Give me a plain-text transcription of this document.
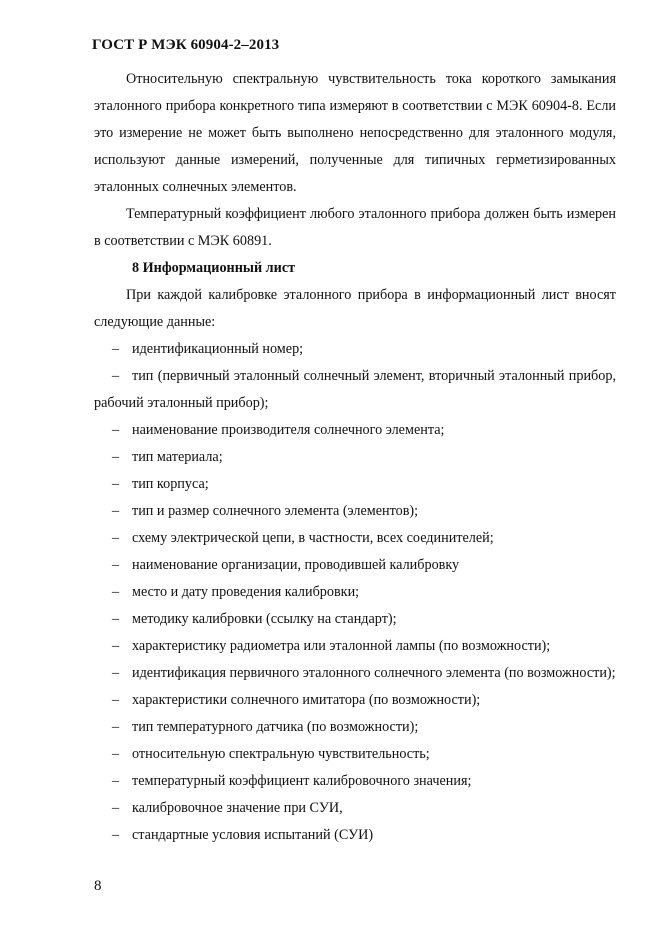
ГОСТ Р МЭК 60904-2–2013

Относительную спектральную чувствительность тока короткого замыкания эталонного прибора конкретного типа измеряют в соответствии с МЭК 60904-8. Если это измерение не может быть выполнено непосредственно для эталонного модуля, используют данные измерений, полученные для типичных герметизированных эталонных солнечных элементов.

Температурный коэффициент любого эталонного прибора должен быть измерен в соответствии с МЭК 60891.

8 Информационный лист

При каждой калибровке эталонного прибора в информационный лист вносят следующие данные:

– идентификационный номер;

– тип (первичный эталонный солнечный элемент, вторичный эталонный прибор, рабочий эталонный прибор);

– наименование производителя солнечного элемента;

– тип материала;

– тип корпуса;

– тип и размер солнечного элемента (элементов);

– схему электрической цепи, в частности, всех соединителей;

– наименование организации, проводившей калибровку

– место и дату проведения калибровки;

– методику калибровки (ссылку на стандарт);

– характеристику радиометра или эталонной лампы (по возможности);

– идентификация первичного эталонного солнечного элемента (по возможности);

– характеристики солнечного имитатора (по возможности);

– тип температурного датчика (по возможности);

– относительную спектральную чувствительность;

– температурный коэффициент калибровочного значения;

– калибровочное значение при СУИ,

– стандартные условия испытаний (СУИ)

8
